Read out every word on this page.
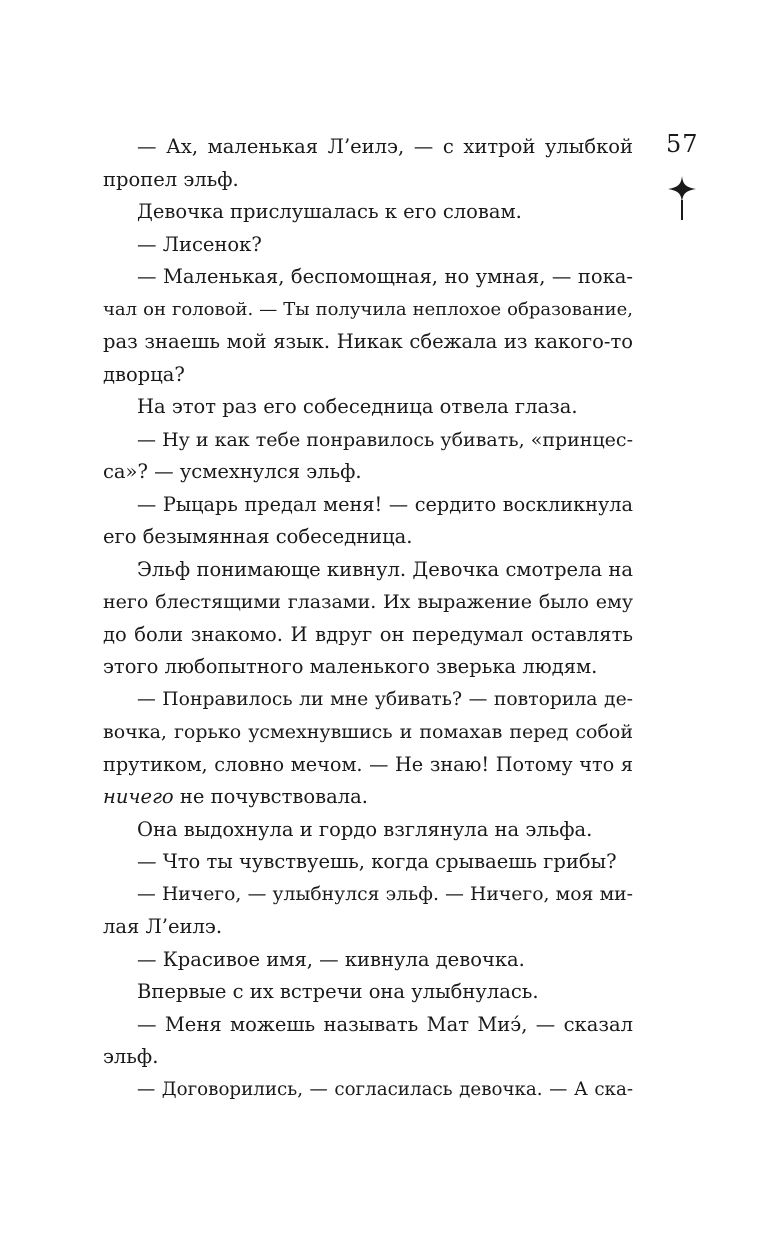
57
— Ах, маленькая Л’еилэ, — с хитрой улыбкой
пропел эльф.
Девочка прислушалась к его словам.
— Лисенок?
— Маленькая, беспомощная, но умная, — пока-
чал он головой. — Ты получила неплохое образование,
раз знаешь мой язык. Никак сбежала из какого-то
дворца?
На этот раз его собеседница отвела глаза.
— Ну и как тебе понравилось убивать, «принцес-
са»? — усмехнулся эльф.
— Рыцарь предал меня! — сердито воскликнула
его безымянная собеседница.
Эльф понимающе кивнул. Девочка смотрела на
него блестящими глазами. Их выражение было ему
до боли знакомо. И вдруг он передумал оставлять
этого любопытного маленького зверька людям.
— Понравилось ли мне убивать? — повторила де-
вочка, горько усмехнувшись и помахав перед собой
прутиком, словно мечом. — Не знаю! Потому что я
ничего не почувствовала.
Она выдохнула и гордо взглянула на эльфа.
— Что ты чувствуешь, когда срываешь грибы?
— Ничего, — улыбнулся эльф. — Ничего, моя ми-
лая Л’еилэ.
— Красивое имя, — кивнула девочка.
Впервые с их встречи она улыбнулась.
— Меня можешь называть Мат Миэ́, — сказал
эльф.
— Договорились, — согласилась девочка. — А ска-
